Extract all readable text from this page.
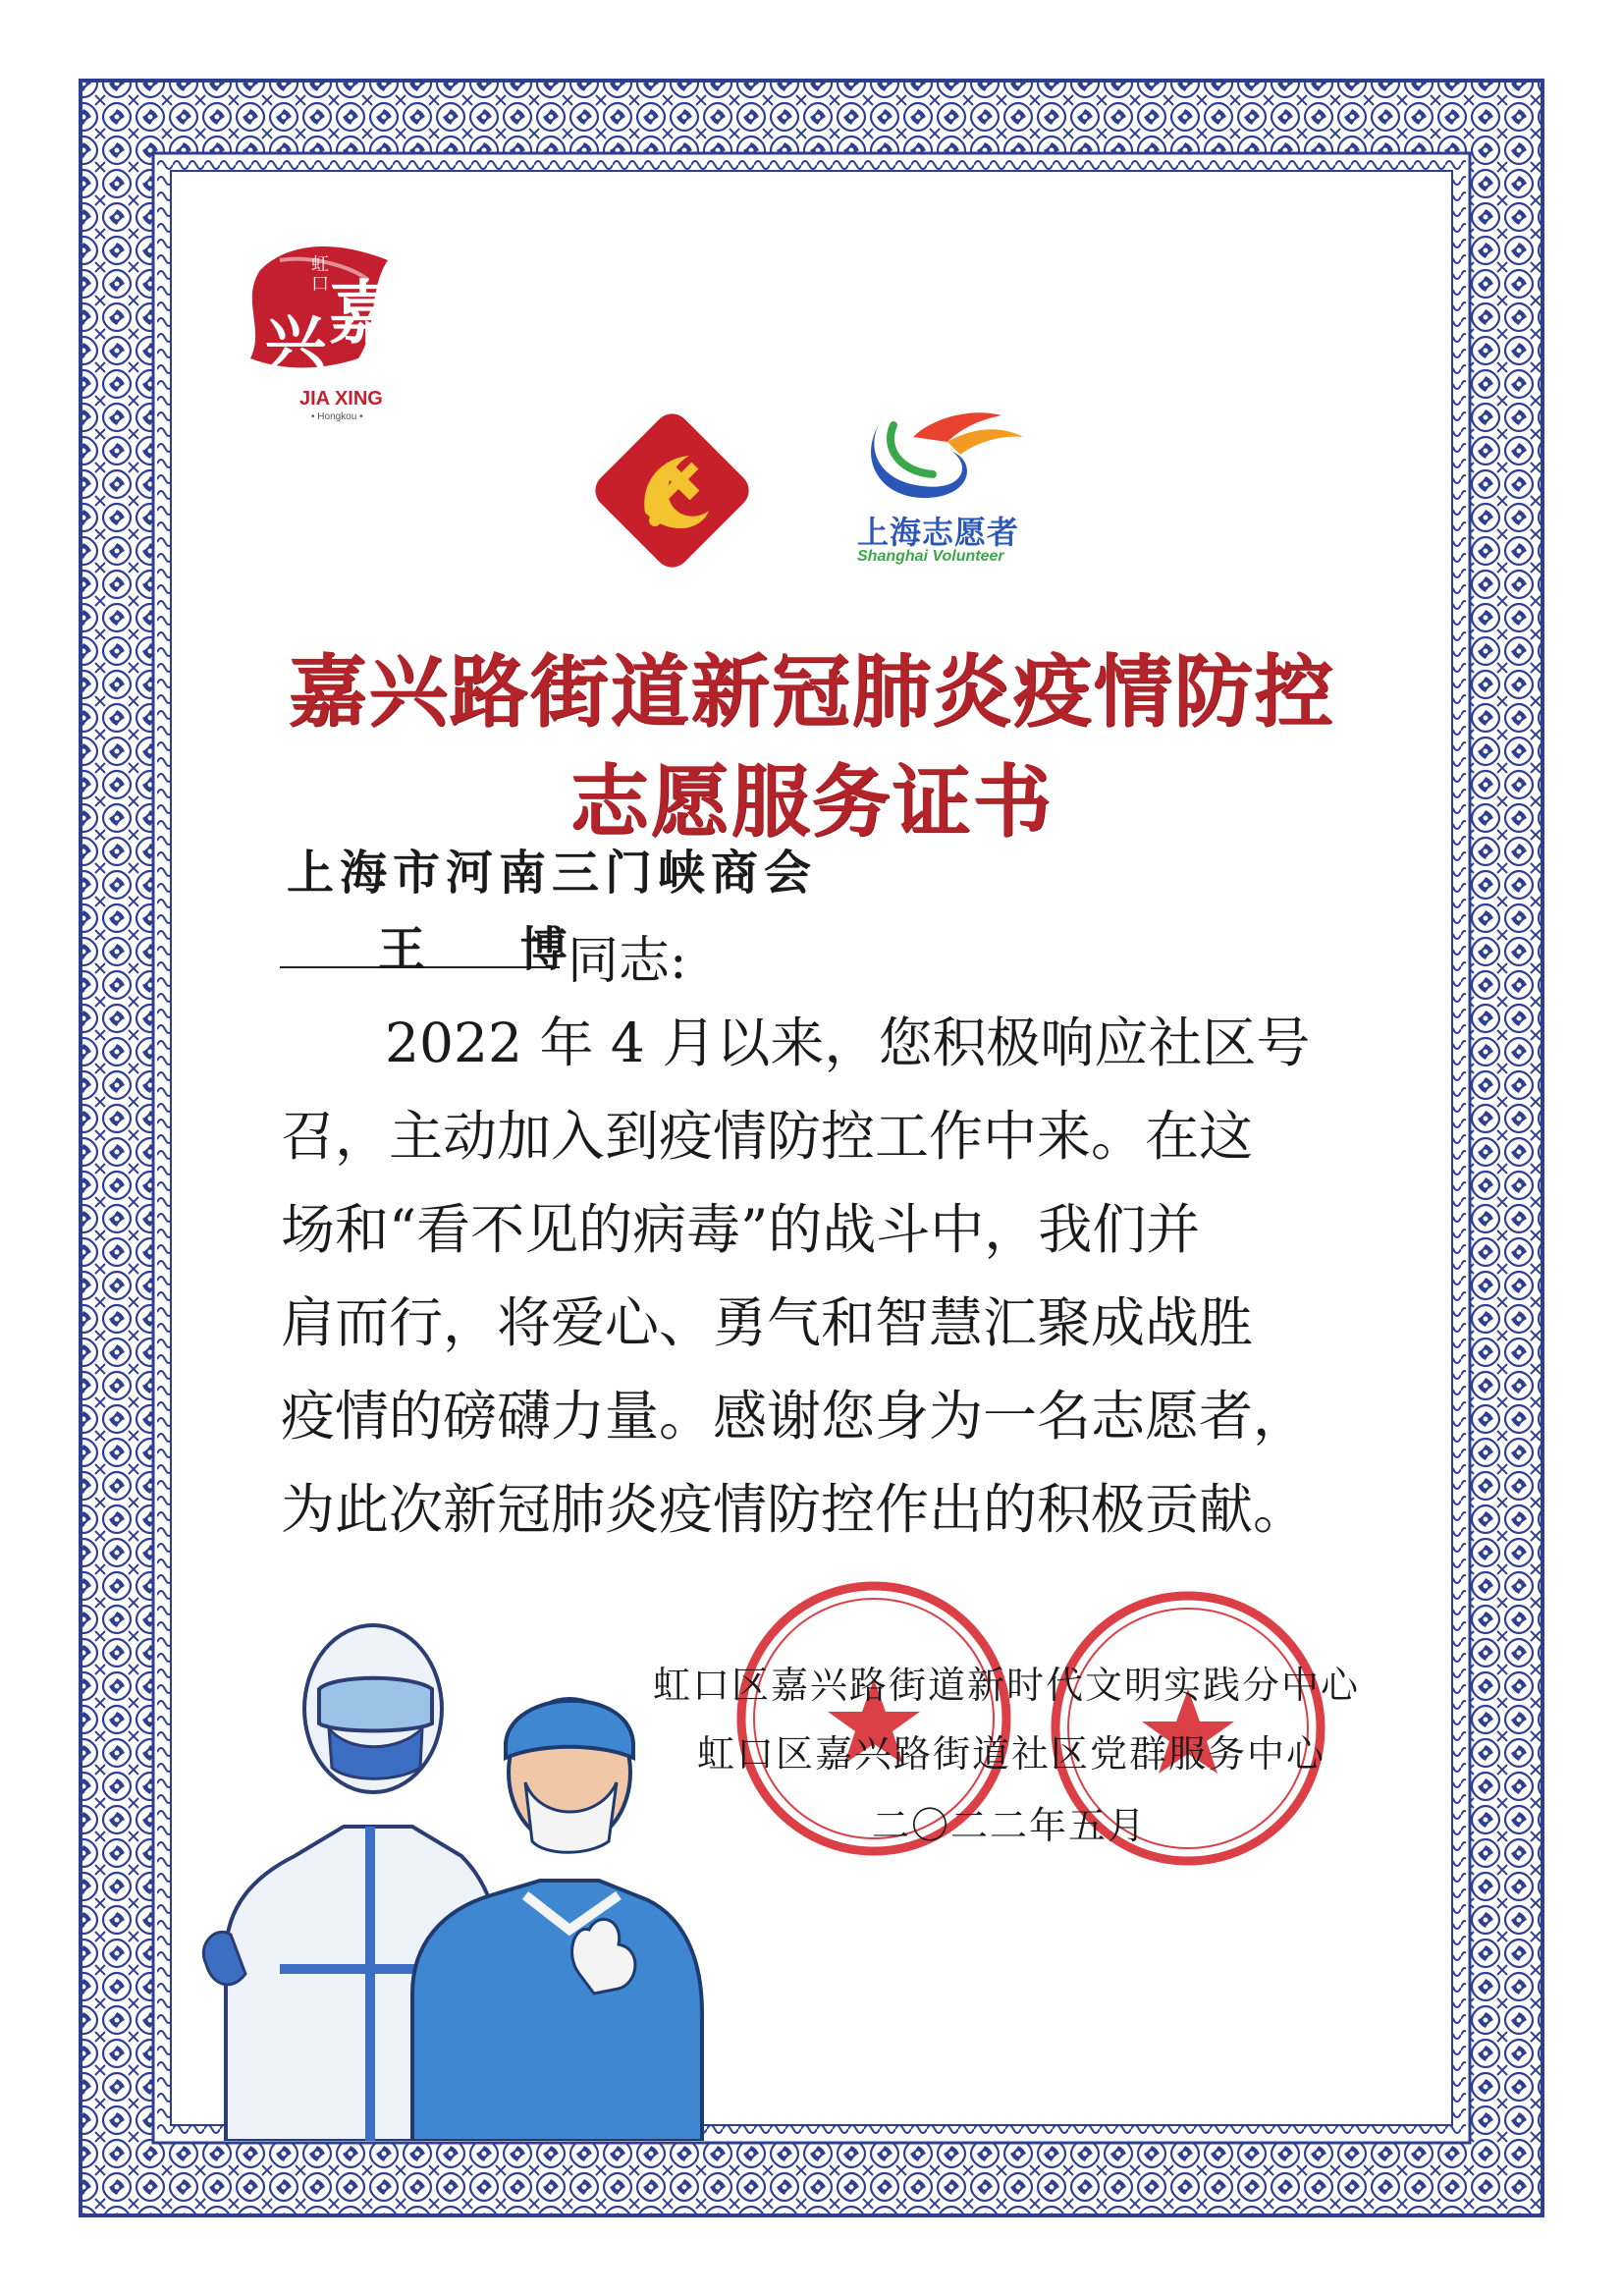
虹口 嘉
兴
JIA XING
• Hongkou •
上海志愿者
Shanghai Volunteer
嘉兴路街道新冠肺炎疫情防控
志愿服务证书
上海市河南三门峡商会
王 博
同志:
2022 年 4 月以来，您积极响应社区号
召，主动加入到疫情防控工作中来。在这
场和“看不见的病毒”的战斗中，我们并
肩而行，将爱心、勇气和智慧汇聚成战胜
疫情的磅礴力量。感谢您身为一名志愿者，
为此次新冠肺炎疫情防控作出的积极贡献。
虹口区嘉兴路街道新时代文明实践分中心
虹口区嘉兴路街道社区党群服务中心
二〇二二年五月
